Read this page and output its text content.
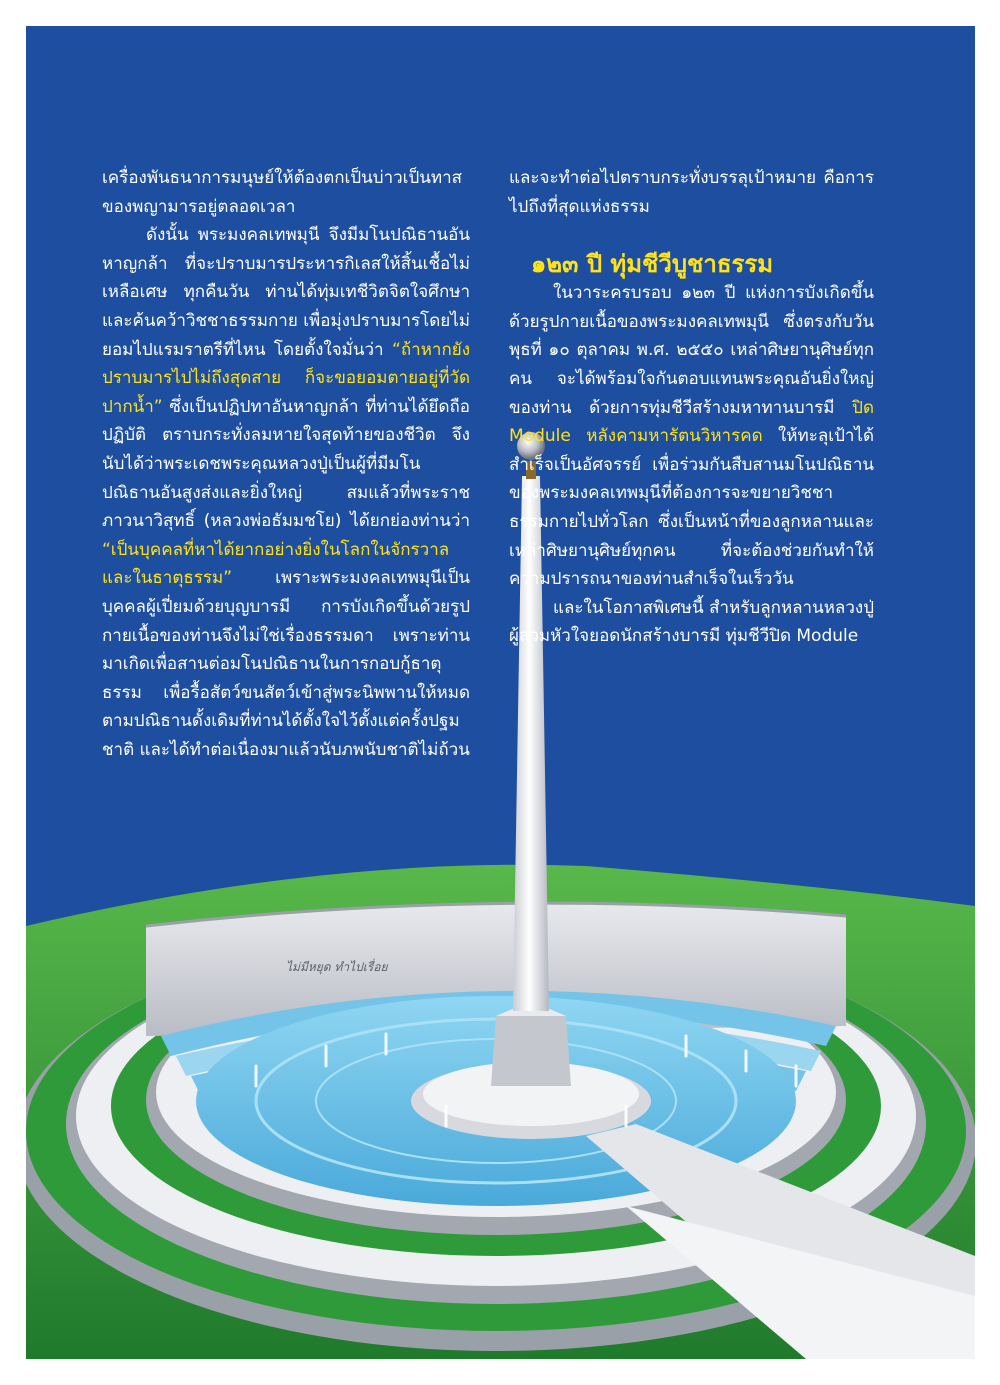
ไม่มีหยุด ทำไปเรื่อย

เครื่องพันธนาการมนุษย์ให้ต้องตกเป็นบ่าวเป็นทาสของพญามารอยู่ตลอดเวลา

ดังนั้น พระมงคลเทพมุนี จึงมีมโนปณิธานอันหาญกล้า ที่จะปราบมารประหารกิเลสให้สิ้นเชื้อไม่เหลือเศษ ทุกคืนวัน ท่านได้ทุ่มเทชีวิตจิตใจศึกษาและค้นคว้าวิชชาธรรมกาย เพื่อมุ่งปราบมารโดยไม่ยอมไปแรมราตรีที่ไหน โดยตั้งใจมั่นว่า “ถ้าหากยังปราบมารไปไม่ถึงสุดสาย ก็จะขอยอมตายอยู่ที่วัดปากน้ำ” ซึ่งเป็นปฏิปทาอันหาญกล้า ที่ท่านได้ยึดถือปฏิบัติ ตราบกระทั่งลมหายใจสุดท้ายของชีวิต จึงนับได้ว่าพระเดชพระคุณหลวงปู่เป็นผู้ที่มีมโนปณิธานอันสูงส่งและยิ่งใหญ่ สมแล้วที่พระราชภาวนาวิสุทธิ์ (หลวงพ่อธัมมชโย) ได้ยกย่องท่านว่า “เป็นบุคคลที่หาได้ยากอย่างยิ่งในโลกในจักรวาลและในธาตุธรรม” เพราะพระมงคลเทพมุนีเป็นบุคคลผู้เปี่ยมด้วยบุญบารมี การบังเกิดขึ้นด้วยรูปกายเนื้อของท่านจึงไม่ใช่เรื่องธรรมดา เพราะท่านมาเกิดเพื่อสานต่อมโนปณิธานในการกอบกู้ธาตุธรรม เพื่อรื้อสัตว์ขนสัตว์เข้าสู่พระนิพพานให้หมดตามปณิธานดั้งเดิมที่ท่านได้ตั้งใจไว้ตั้งแต่ครั้งปฐมชาติ และได้ทำต่อเนื่องมาแล้วนับภพนับชาติไม่ถ้วน

และจะทำต่อไปตราบกระทั่งบรรลุเป้าหมาย คือการไปถึงที่สุดแห่งธรรม

๑๒๓ ปี ทุ่มชีวีบูชาธรรม

ในวาระครบรอบ ๑๒๓ ปี แห่งการบังเกิดขึ้นด้วยรูปกายเนื้อของพระมงคลเทพมุนี ซึ่งตรงกับวันพุธที่ ๑๐ ตุลาคม พ.ศ. ๒๕๕๐ เหล่าศิษยานุศิษย์ทุกคน จะได้พร้อมใจกันตอบแทนพระคุณอันยิ่งใหญ่ของท่าน ด้วยการทุ่มชีวีสร้างมหาทานบารมี ปิด Module หลังคามหารัตนวิหารคด ให้ทะลุเป้าได้สำเร็จเป็นอัศจรรย์ เพื่อร่วมกันสืบสานมโนปณิธานของพระมงคลเทพมุนีที่ต้องการจะขยายวิชชาธรรมกายไปทั่วโลก ซึ่งเป็นหน้าที่ของลูกหลานและเหล่าศิษยานุศิษย์ทุกคน ที่จะต้องช่วยกันทำให้ความปรารถนาของท่านสำเร็จในเร็ววัน

และในโอกาสพิเศษนี้ สำหรับลูกหลานหลวงปู่ผู้สวมหัวใจยอดนักสร้างบารมี ทุ่มชีวีปิด Module
